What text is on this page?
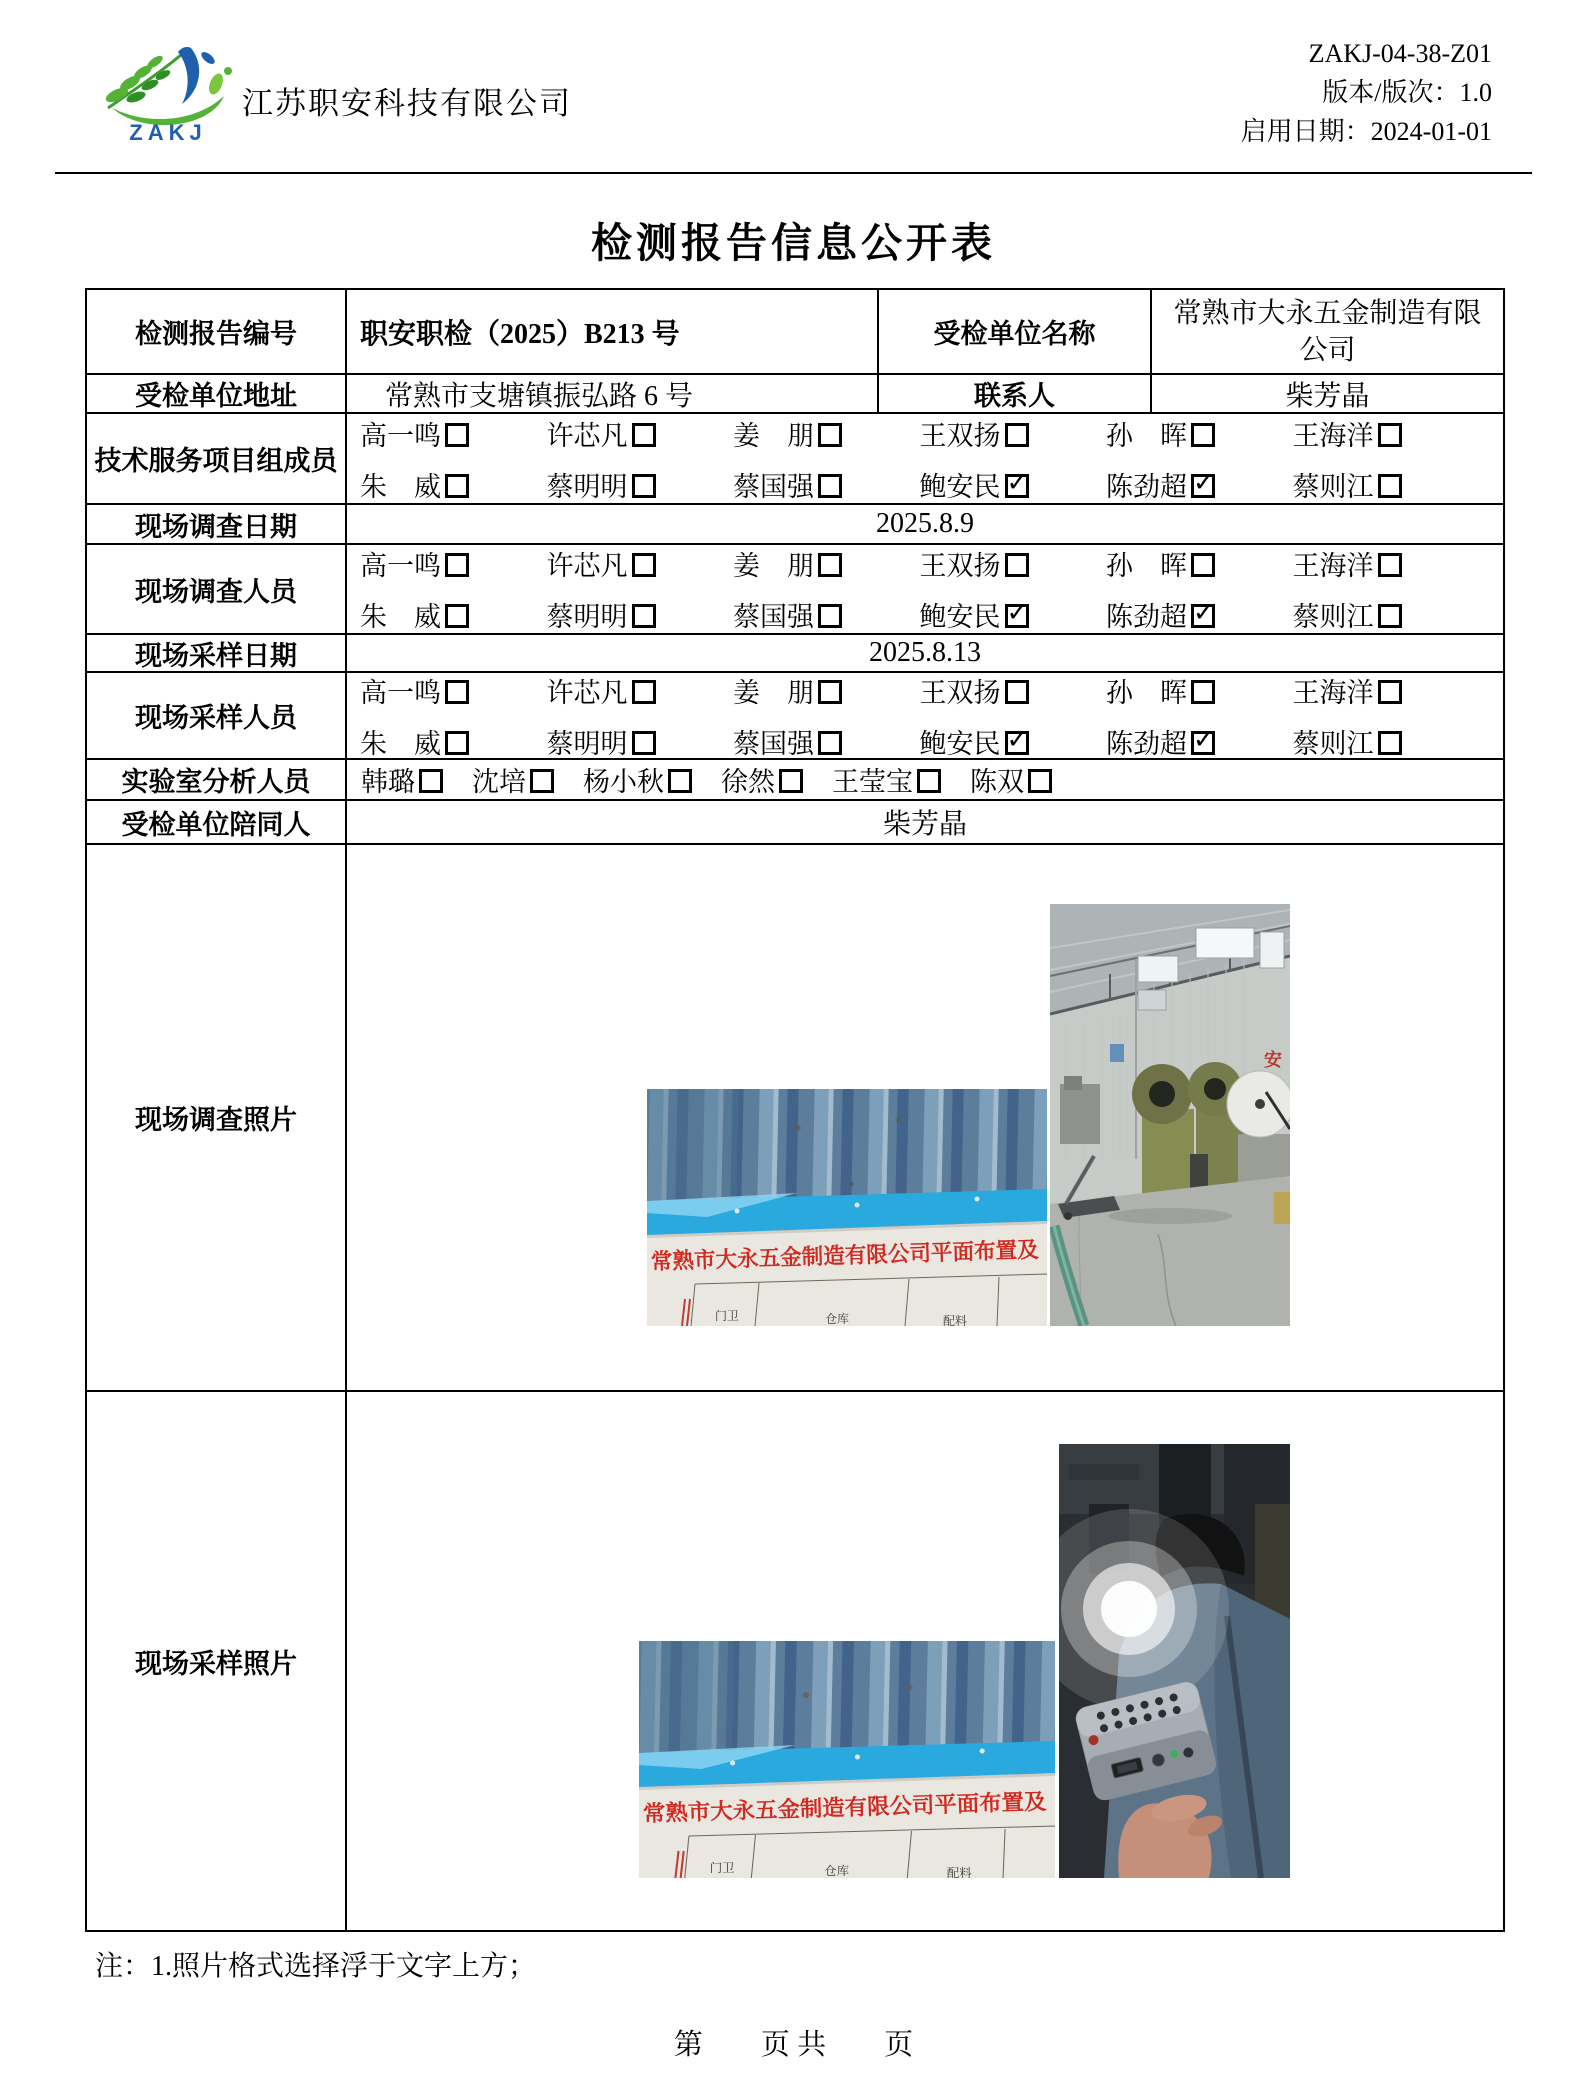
ZAKJ
江苏职安科技有限公司
ZAKJ-04-38-Z01
版本/版次：1.0
启用日期：2024-01-01
检测报告信息公开表
检测报告编号	职安职检（2025）B213 号	受检单位名称
常熟市大永五金制造有限公司
受检单位地址	常熟市支塘镇振弘路 6 号	联系人	柴芳晶
技术服务项目组成员
高一鸣	许芯凡	姜　朋	王双扬	孙　晖	王海洋
朱　威	蔡明明	蔡国强	鲍安民 ✓	陈劲超 ✓	蔡则江
现场调查日期	2025.8.9
现场调查人员
高一鸣	许芯凡	姜　朋	王双扬	孙　晖	王海洋
朱　威	蔡明明	蔡国强	鲍安民 ✓	陈劲超 ✓	蔡则江
现场采样日期	2025.8.13
现场采样人员
高一鸣	许芯凡	姜　朋	王双扬	孙　晖	王海洋
朱　威	蔡明明	蔡国强	鲍安民 ✓	陈劲超 ✓	蔡则江
实验室分析人员	韩璐	沈培	杨小秋	徐然	王莹宝	陈双
受检单位陪同人	柴芳晶
现场调查照片
安
常熟市大永五金制造有限公司平面布置及
门卫	仓库	配料
现场采样照片
常熟市大永五金制造有限公司平面布置及
门卫	仓库	配料
注：1.照片格式选择浮于文字上方；
第　　页 共　　页
